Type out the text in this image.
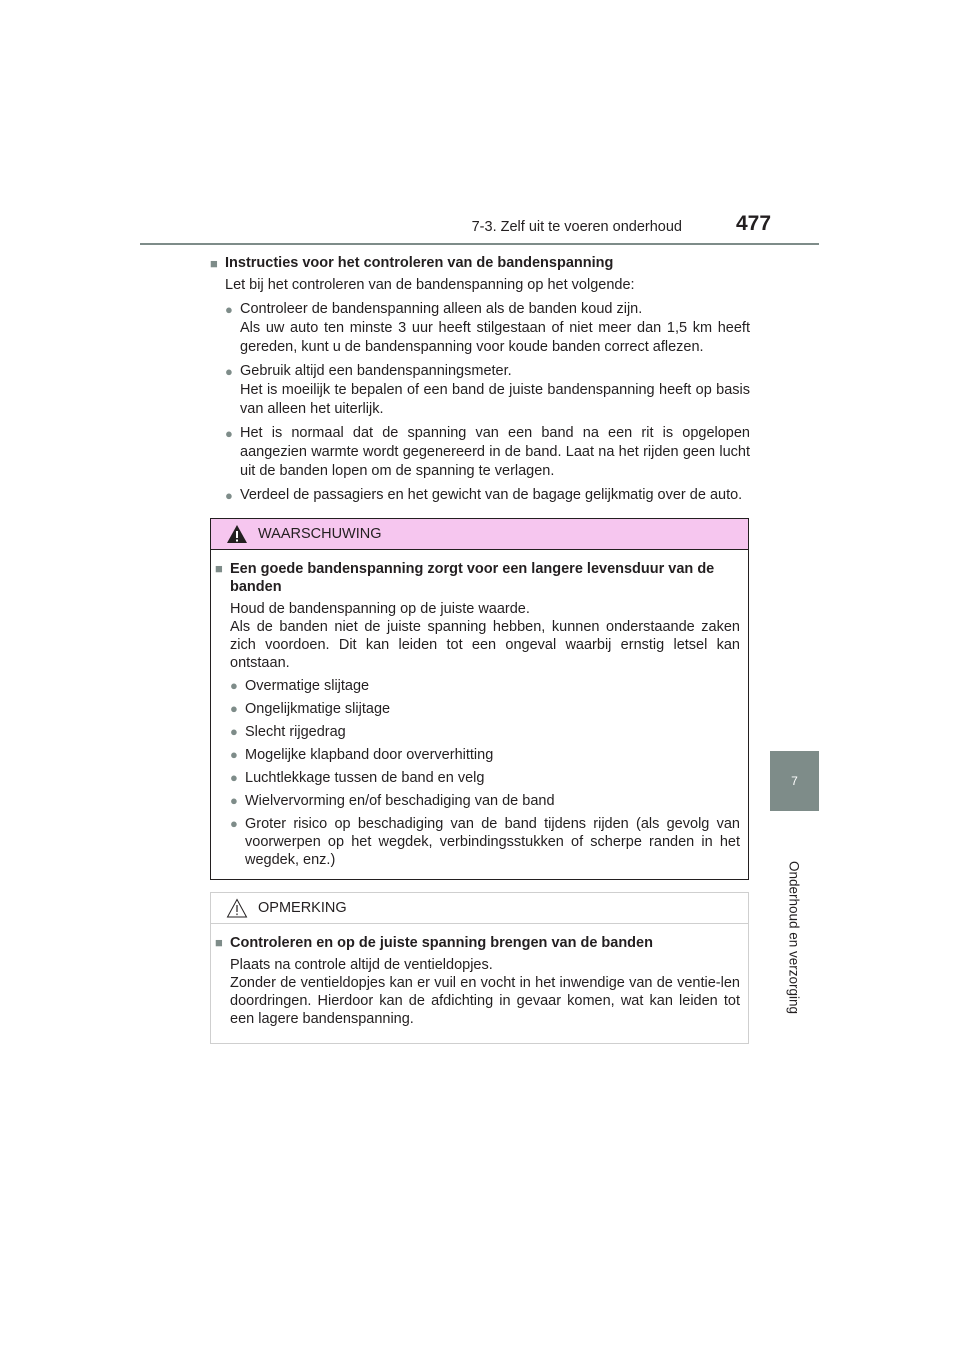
7-3. Zelf uit te voeren onderhoud	477
7
Onderhoud en verzorging
■ Instructies voor het controleren van de bandenspanning
Let bij het controleren van de bandenspanning op het volgende:
● Controleer de bandenspanning alleen als de banden koud zijn.
Als uw auto ten minste 3 uur heeft stilgestaan of niet meer dan 1,5 km heeft gereden, kunt u de bandenspanning voor koude banden correct aflezen.
● Gebruik altijd een bandenspanningsmeter.
Het is moeilijk te bepalen of een band de juiste bandenspanning heeft op basis van alleen het uiterlijk.
● Het is normaal dat de spanning van een band na een rit is opgelopen aangezien warmte wordt gegenereerd in de band. Laat na het rijden geen lucht uit de banden lopen om de spanning te verlagen.
● Verdeel de passagiers en het gewicht van de bagage gelijkmatig over de auto.
WAARSCHUWING
■ Een goede bandenspanning zorgt voor een langere levensduur van de banden
Houd de bandenspanning op de juiste waarde.
Als de banden niet de juiste spanning hebben, kunnen onderstaande zaken zich voordoen. Dit kan leiden tot een ongeval waarbij ernstig letsel kan ontstaan.
● Overmatige slijtage
● Ongelijkmatige slijtage
● Slecht rijgedrag
● Mogelijke klapband door oververhitting
● Luchtlekkage tussen de band en velg
● Wielvervorming en/of beschadiging van de band
● Groter risico op beschadiging van de band tijdens rijden (als gevolg van voorwerpen op het wegdek, verbindingsstukken of scherpe randen in het wegdek, enz.)
OPMERKING
■ Controleren en op de juiste spanning brengen van de banden
Plaats na controle altijd de ventieldopjes.
Zonder de ventieldopjes kan er vuil en vocht in het inwendige van de ventie-len doordringen. Hierdoor kan de afdichting in gevaar komen, wat kan leiden tot een lagere bandenspanning.
